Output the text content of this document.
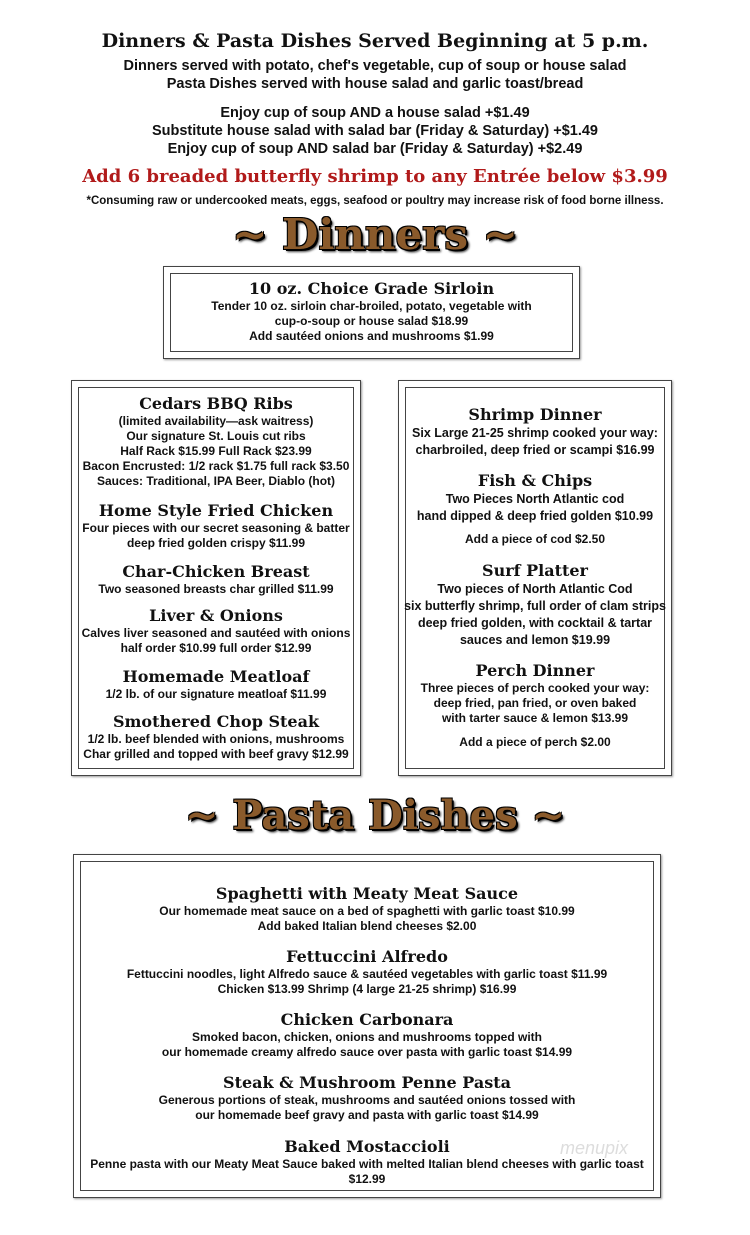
Dinners & Pasta Dishes Served Beginning at 5 p.m.
Dinners served with potato, chef's vegetable, cup of soup or house salad
Pasta Dishes served with house salad and garlic toast/bread
Enjoy cup of soup AND a house salad +$1.49
Substitute house salad with salad bar (Friday & Saturday) +$1.49
Enjoy cup of soup AND salad bar (Friday & Saturday) +$2.49
Add 6 breaded butterfly shrimp to any Entrée below $3.99
*Consuming raw or undercooked meats, eggs, seafood or poultry may increase risk of food borne illness.
~ Dinners ~
10 oz. Choice Grade Sirloin
Tender 10 oz. sirloin char-broiled, potato, vegetable with
cup-o-soup or house salad $18.99
Add sautéed onions and mushrooms $1.99
Cedars BBQ Ribs
(limited availability—ask waitress)
Our signature St. Louis cut ribs
Half Rack $15.99 Full Rack $23.99
Bacon Encrusted: 1/2 rack $1.75 full rack $3.50
Sauces: Traditional, IPA Beer, Diablo (hot)
Home Style Fried Chicken
Four pieces with our secret seasoning & batter
deep fried golden crispy $11.99
Char-Chicken Breast
Two seasoned breasts char grilled $11.99
Liver & Onions
Calves liver seasoned and sautéed with onions
half order $10.99 full order $12.99
Homemade Meatloaf
1/2 lb. of our signature meatloaf $11.99
Smothered Chop Steak
1/2 lb. beef blended with onions, mushrooms
Char grilled and topped with beef gravy $12.99
Shrimp Dinner
Six Large 21-25 shrimp cooked your way:
charbroiled, deep fried or scampi $16.99
Fish & Chips
Two Pieces North Atlantic cod
hand dipped & deep fried golden $10.99
Add a piece of cod $2.50
Surf Platter
Two pieces of North Atlantic Cod
six butterfly shrimp, full order of clam strips
deep fried golden, with cocktail & tartar
sauces and lemon $19.99
Perch Dinner
Three pieces of perch cooked your way:
deep fried, pan fried, or oven baked
with tarter sauce & lemon $13.99
Add a piece of perch $2.00
~ Pasta Dishes ~
Spaghetti with Meaty Meat Sauce
Our homemade meat sauce on a bed of spaghetti with garlic toast $10.99
Add baked Italian blend cheeses $2.00
Fettuccini Alfredo
Fettuccini noodles, light Alfredo sauce & sautéed vegetables with garlic toast $11.99
Chicken $13.99 Shrimp (4 large 21-25 shrimp) $16.99
Chicken Carbonara
Smoked bacon, chicken, onions and mushrooms topped with
our homemade creamy alfredo sauce over pasta with garlic toast $14.99
Steak & Mushroom Penne Pasta
Generous portions of steak, mushrooms and sautéed onions tossed with
our homemade beef gravy and pasta with garlic toast $14.99
Baked Mostaccioli
Penne pasta with our Meaty Meat Sauce baked with melted Italian blend cheeses with garlic toast $12.99
menupix
